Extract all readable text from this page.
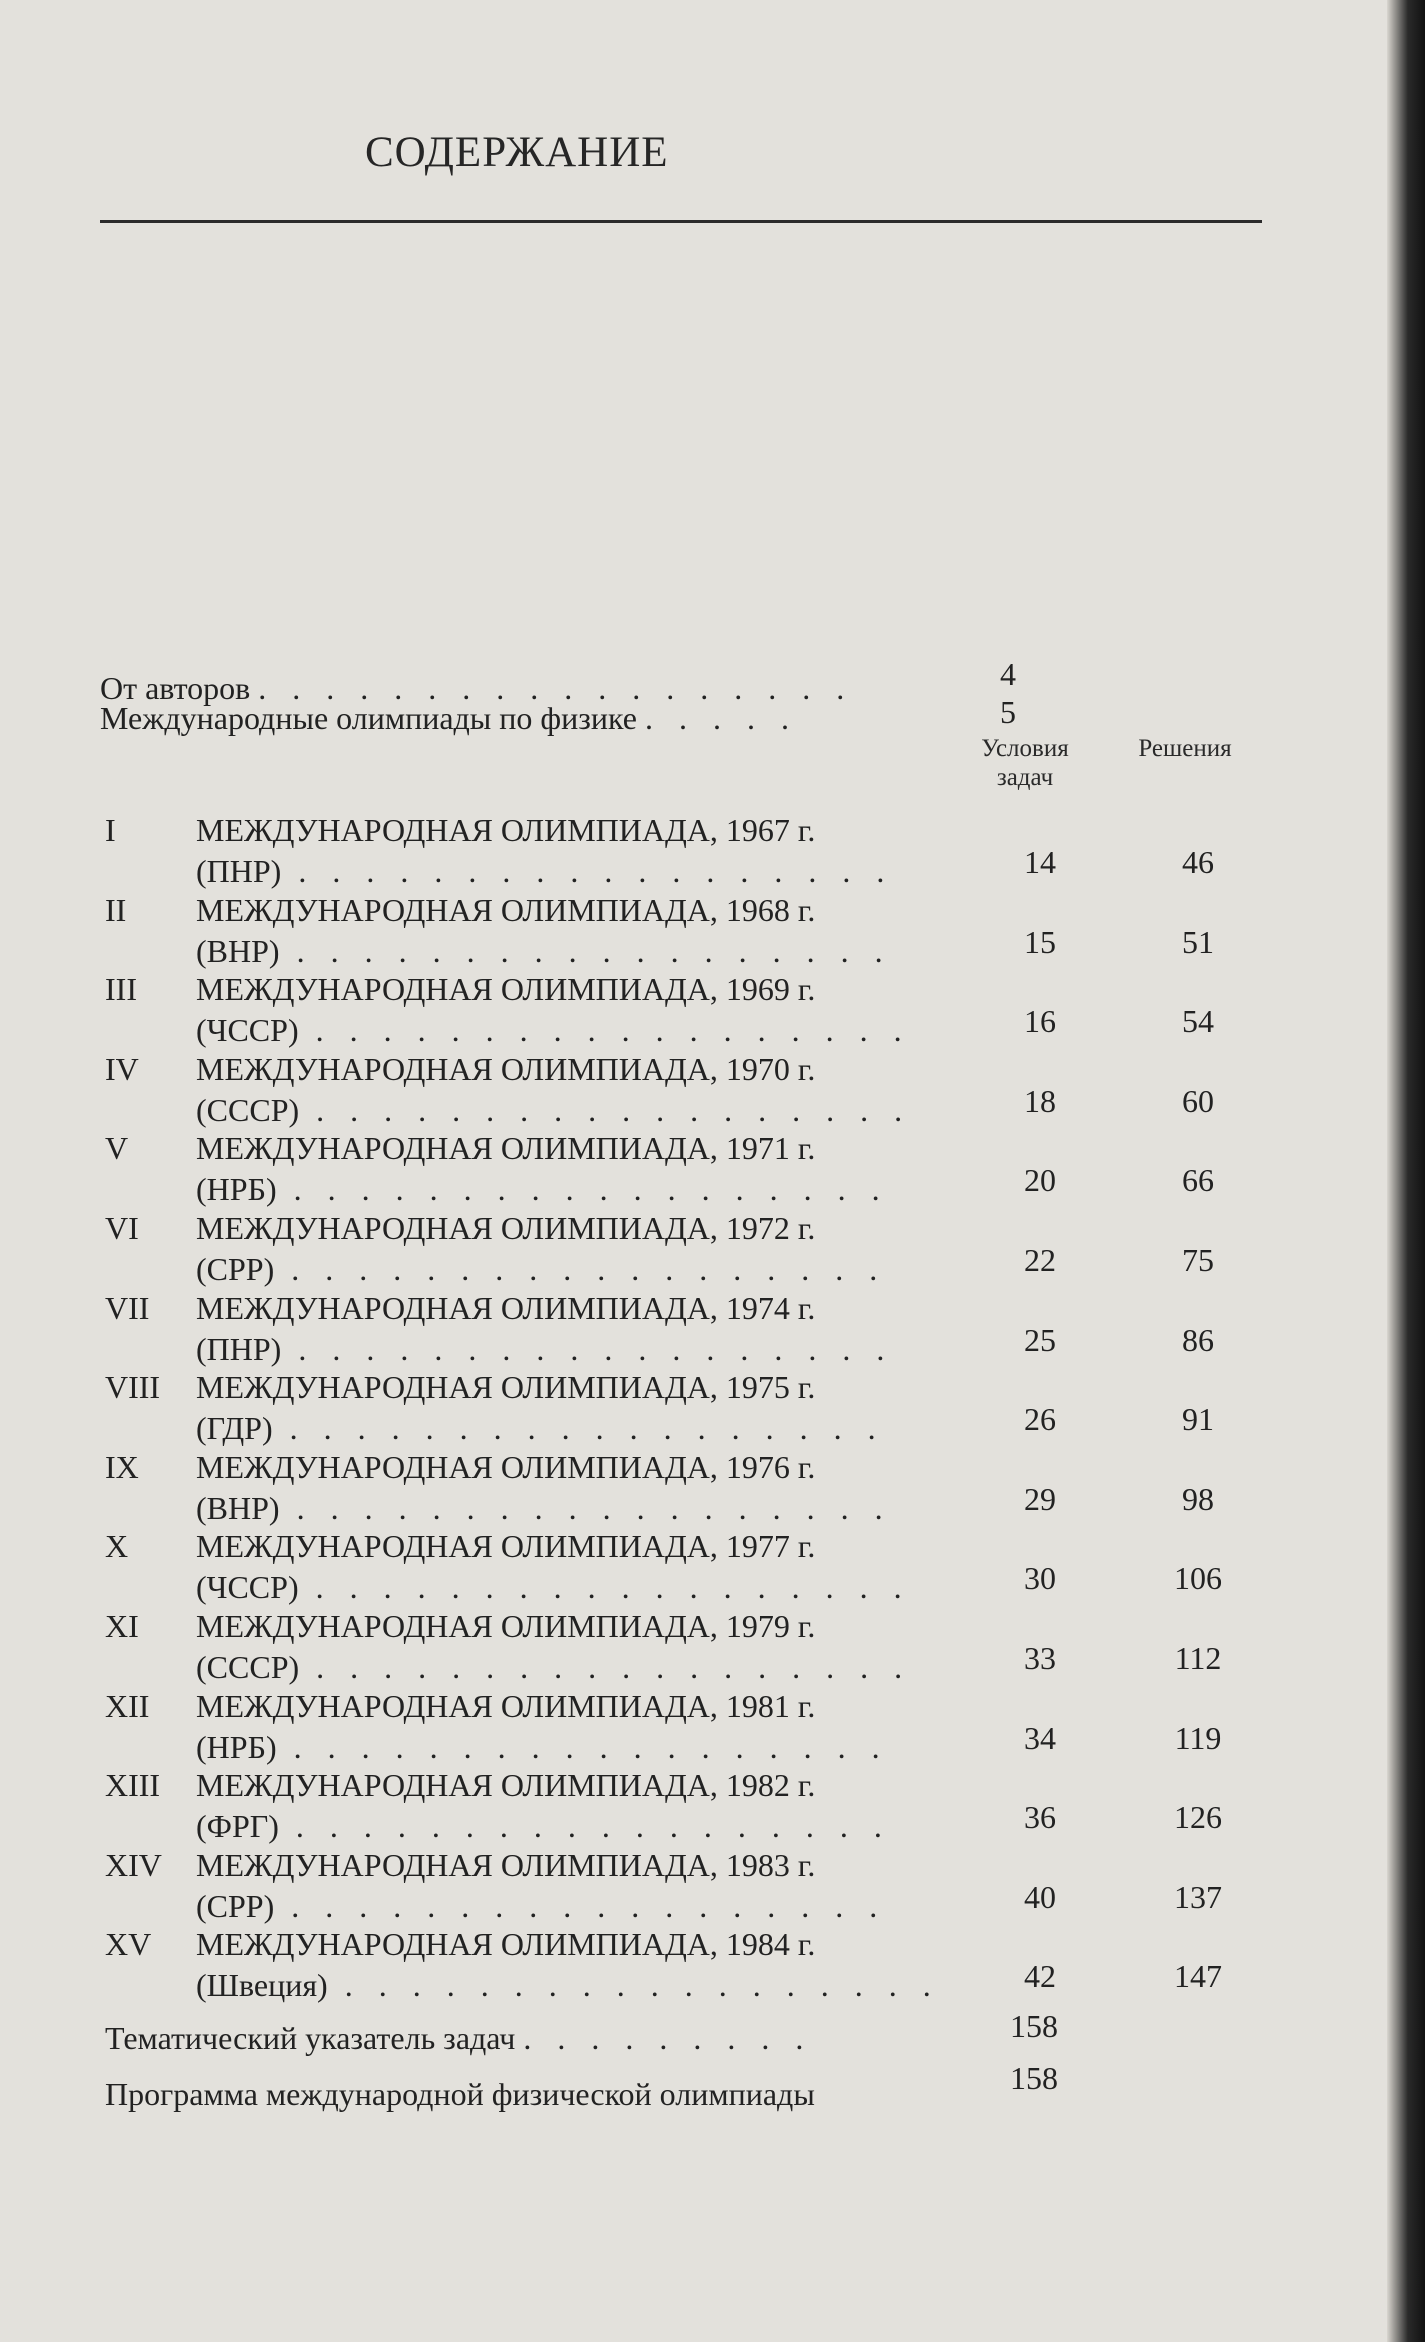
СОДЕРЖАНИЕ
От авторов . . . . . . . . . . . . . . . . . .	4
Международные олимпиады по физике . . . . .	5
Условия задач
Решения
I	МЕЖДУНАРОДНАЯ ОЛИМПИАДА, 1967 г.
(ПНР) . . . . . . . . . . . . . . . . . .	14	46
II МЕЖДУНАРОДНАЯ ОЛИМПИАДА, 1968 г.
(ВНР) . . . . . . . . . . . . . . . . . .	15	51
III МЕЖДУНАРОДНАЯ ОЛИМПИАДА, 1969 г.
(ЧССР) . . . . . . . . . . . . . . . . . .	16	54
IV МЕЖДУНАРОДНАЯ ОЛИМПИАДА, 1970 г.
(СССР) . . . . . . . . . . . . . . . . . .	18	60
V МЕЖДУНАРОДНАЯ ОЛИМПИАДА, 1971 г.
(НРБ) . . . . . . . . . . . . . . . . . .	20	66
VI МЕЖДУНАРОДНАЯ ОЛИМПИАДА, 1972 г.
(СРР) . . . . . . . . . . . . . . . . . .	22	75
VII МЕЖДУНАРОДНАЯ ОЛИМПИАДА, 1974 г.
(ПНР) . . . . . . . . . . . . . . . . . .	25	86
VIII МЕЖДУНАРОДНАЯ ОЛИМПИАДА, 1975 г.
(ГДР) . . . . . . . . . . . . . . . . . .	26	91
IX МЕЖДУНАРОДНАЯ ОЛИМПИАДА, 1976 г.
(ВНР) . . . . . . . . . . . . . . . . . .	29	98
X МЕЖДУНАРОДНАЯ ОЛИМПИАДА, 1977 г.
(ЧССР) . . . . . . . . . . . . . . . . . .	30	106
XI МЕЖДУНАРОДНАЯ ОЛИМПИАДА, 1979 г.
(СССР) . . . . . . . . . . . . . . . . . .	33	112
XII МЕЖДУНАРОДНАЯ ОЛИМПИАДА, 1981 г.
(НРБ) . . . . . . . . . . . . . . . . . .	34	119
XIII МЕЖДУНАРОДНАЯ ОЛИМПИАДА, 1982 г.
(ФРГ) . . . . . . . . . . . . . . . . . .	36	126
XIV МЕЖДУНАРОДНАЯ ОЛИМПИАДА, 1983 г.
(СРР) . . . . . . . . . . . . . . . . . .	40	137
XV МЕЖДУНАРОДНАЯ ОЛИМПИАДА, 1984 г.
(Швеция) . . . . . . . . . . . . . . . . . .	42	147
Тематический указатель задач . . . . . . . . .	158
Программа международной физической олимпиады	158
